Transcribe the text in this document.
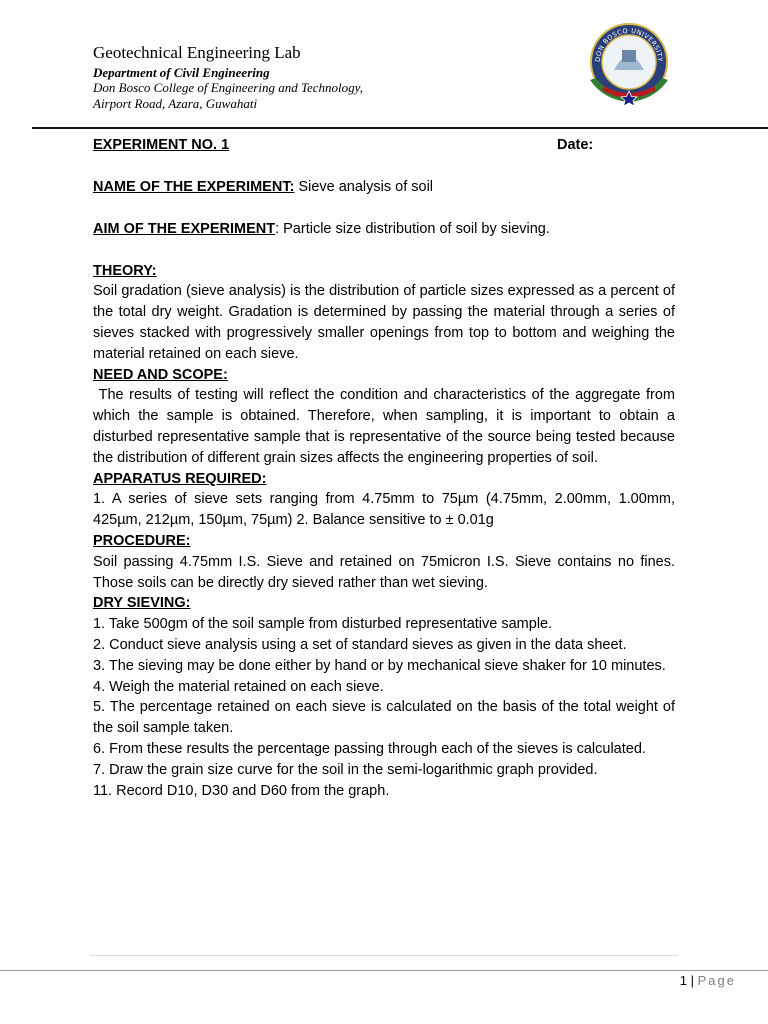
Geotechnical Engineering Lab
Department of Civil Engineering
Don Bosco College of Engineering and Technology,
Airport Road, Azara, Guwahati
DON BOSCO UNIVERSITY
EXPERIMENT NO. 1	Date:

NAME OF THE EXPERIMENT: Sieve analysis of soil

AIM OF THE EXPERIMENT: Particle size distribution of soil by sieving.

THEORY:

Soil gradation (sieve analysis) is the distribution of particle sizes expressed as a percent of the total dry weight. Gradation is determined by passing the material through a series of sieves stacked with progressively smaller openings from top to bottom and weighing the material retained on each sieve.

NEED AND SCOPE:

The results of testing will reflect the condition and characteristics of the aggregate from which the sample is obtained. Therefore, when sampling, it is important to obtain a disturbed representative sample that is representative of the source being tested because the distribution of different grain sizes affects the engineering properties of soil.

APPARATUS REQUIRED:

1. A series of sieve sets ranging from 4.75mm to 75µm (4.75mm, 2.00mm, 1.00mm, 425µm, 212µm, 150µm, 75µm) 2. Balance sensitive to ± 0.01g

PROCEDURE:

Soil passing 4.75mm I.S. Sieve and retained on 75micron I.S. Sieve contains no fines. Those soils can be directly dry sieved rather than wet sieving.

DRY SIEVING:

1. Take 500gm of the soil sample from disturbed representative sample.

2. Conduct sieve analysis using a set of standard sieves as given in the data sheet.

3. The sieving may be done either by hand or by mechanical sieve shaker for 10 minutes.

4. Weigh the material retained on each sieve.

5. The percentage retained on each sieve is calculated on the basis of the total weight of the soil sample taken.

6. From these results the percentage passing through each of the sieves is calculated.

7. Draw the grain size curve for the soil in the semi-logarithmic graph provided.

11. Record D10, D30 and D60 from the graph.

1 | Page
